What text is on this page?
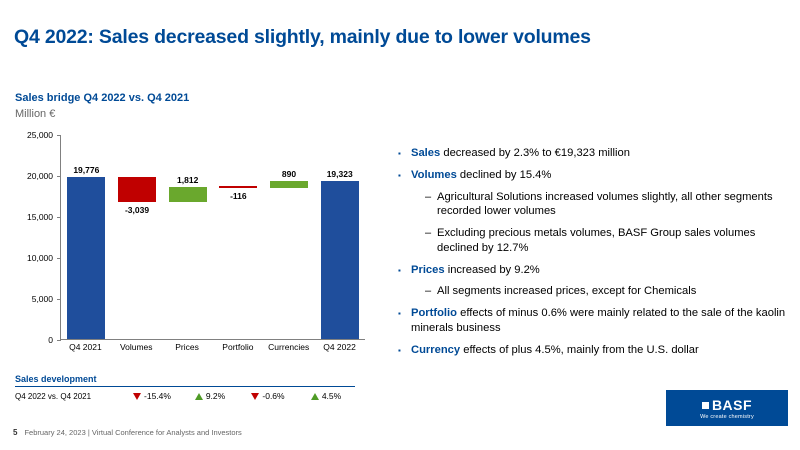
Q4 2022: Sales decreased slightly, mainly due to lower volumes
Sales bridge Q4 2022 vs. Q4 2021
Million €
0
5,000
10,000
15,000
20,000
25,000
19,776
-3,039
1,812
-116
890	19,323
Q4 2021	Volumes	Prices	Portfolio	Currencies	Q4 2022
▪ Sales decreased by 2.3% to €19,323 million
▪ Volumes declined by 15.4%
– Agricultural Solutions increased volumes slightly, all other segments recorded lower volumes
– Excluding precious metals volumes, BASF Group sales volumes declined by 12.7%
▪ Prices increased by 9.2%
– All segments increased prices, except for Chemicals
▪ Portfolio effects of minus 0.6% were mainly related to the sale of the kaolin minerals business
▪ Currency effects of plus 4.5%, mainly from the U.S. dollar
Sales development
Q4 2022 vs. Q4 2021	-15.4%	9.2%	-0.6%	4.5%
5 February 24, 2023 | Virtual Conference for Analysts and Investors
BASF
We create chemistry
